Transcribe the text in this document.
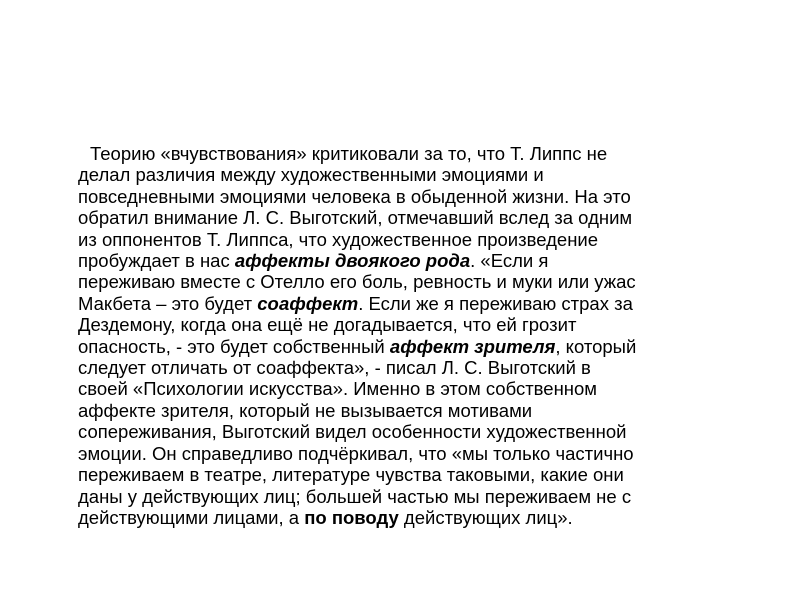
Теорию «вчувствования» критиковали за то, что Т. Липпс не
делал различия между художественными эмоциями и
повседневными эмоциями человека в обыденной жизни. На это
обратил внимание Л. С. Выготский, отмечавший вслед за одним
из оппонентов Т. Липпса, что художественное произведение
пробуждает в нас аффекты двоякого рода. «Если я
переживаю вместе с Отелло его боль, ревность и муки или ужас
Макбета – это будет соаффект. Если же я переживаю страх за
Дездемону, когда она ещё не догадывается, что ей грозит
опасность, - это будет собственный аффект зрителя, который
следует отличать от соаффекта», - писал Л. С. Выготский в
своей «Психологии искусства». Именно в этом собственном
аффекте зрителя, который не вызывается мотивами
сопереживания, Выготский видел особенности художественной
эмоции. Он справедливо подчёркивал, что «мы только частично
переживаем в театре, литературе чувства таковыми, какие они
даны у действующих лиц; большей частью мы переживаем не с
действующими лицами, а по поводу действующих лиц».
